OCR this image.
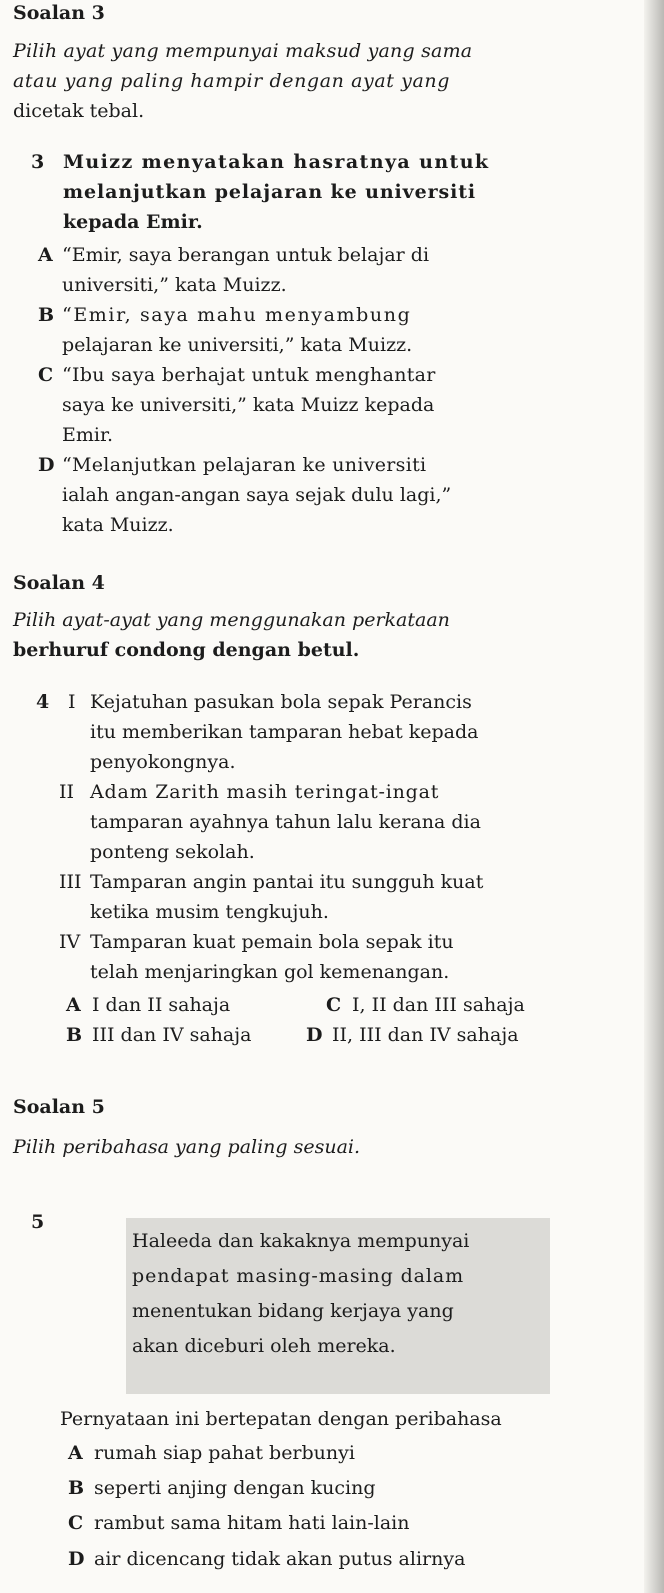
Soalan 3
Pilih ayat yang mempunyai maksud yang sama
atau yang paling hampir dengan ayat yang
dicetak tebal.
3 Muizz menyatakan hasratnya untuk
melanjutkan pelajaran ke universiti
kepada Emir.
A “Emir, saya berangan untuk belajar di
universiti,” kata Muizz.
B “Emir, saya mahu menyambung
pelajaran ke universiti,” kata Muizz.
C “Ibu saya berhajat untuk menghantar
saya ke universiti,” kata Muizz kepada
Emir.
D “Melanjutkan pelajaran ke universiti
ialah angan-angan saya sejak dulu lagi,”
kata Muizz.
Soalan 4
Pilih ayat-ayat yang menggunakan perkataan
berhuruf condong dengan betul.
4 I Kejatuhan pasukan bola sepak Perancis
itu memberikan tamparan hebat kepada
penyokongnya.
II Adam Zarith masih teringat-ingat
tamparan ayahnya tahun lalu kerana dia
ponteng sekolah.
III Tamparan angin pantai itu sungguh kuat
ketika musim tengkujuh.
IV Tamparan kuat pemain bola sepak itu
telah menjaringkan gol kemenangan.
A I dan II sahaja	C I, II dan III sahaja
B III dan IV sahaja	D II, III dan IV sahaja
Soalan 5
Pilih peribahasa yang paling sesuai.
5
Haleeda dan kakaknya mempunyai
pendapat masing-masing dalam
menentukan bidang kerjaya yang
akan diceburi oleh mereka.
Pernyataan ini bertepatan dengan peribahasa
A rumah siap pahat berbunyi
B seperti anjing dengan kucing
C rambut sama hitam hati lain-lain
D air dicencang tidak akan putus alirnya
